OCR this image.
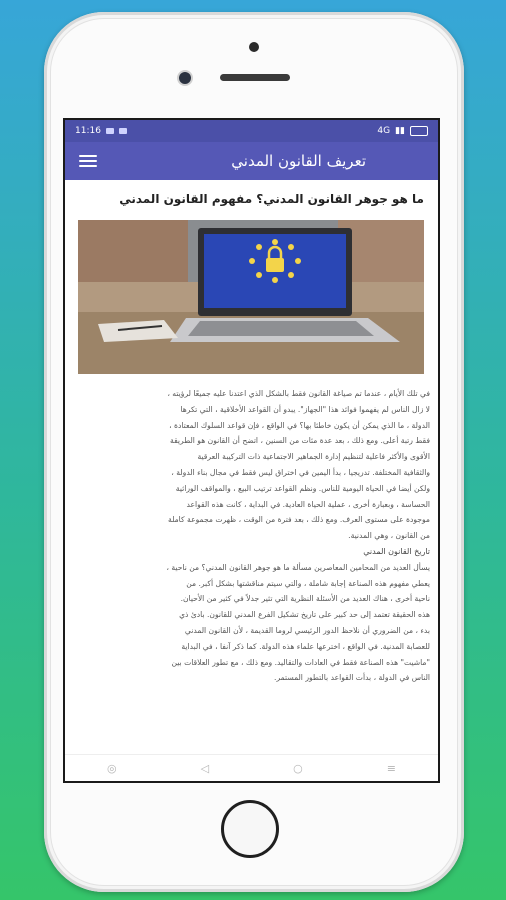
11:16	4G ▮▮
تعريف القانون المدني
ما هو جوهر القانون المدني؟ مفهوم القانون المدني

في تلك الأيام ، عندما تم صياغة القانون فقط بالشكل الذي اعتدنا عليه جميعًا لرؤيته ،

لا زال الناس لم يفهموا فوائد هذا "الجهاز". يبدو أن القواعد الأخلاقية ، التي تكرها

الدولة ، ما الذي يمكن أن يكون خاطئا بها؟ في الواقع ، فإن قواعد السلوك المعتادة ،

فقط رتبة أعلى. ومع ذلك ، بعد عدة مئات من السنين ، اتضح أن القانون هو الطريقة

الأقوى والأكثر فاعلية لتنظيم إدارة الجماهير الاجتماعية ذات التركيبة العرقية

والثقافية المختلفة. تدريجيا ، بدأ اليمين في اختراق ليس فقط في مجال بناء الدولة ،

ولكن أيضا في الحياة اليومية للناس. ونظم القواعد ترتيب البيع ، والمواقف الوراثية

الحساسة ، وبعبارة أخرى ، عملية الحياة العادية. في البداية ، كانت هذه القواعد

موجودة على مستوى العرف. ومع ذلك ، بعد فترة من الوقت ، ظهرت مجموعة كاملة

من القانون ، وهي المدنية.

تاريخ القانون المدني

يسأل العديد من المحامين المعاصرين مسألة ما هو جوهر القانون المدني؟ من ناحية ،

يعطي مفهوم هذه الصناعة إجابة شاملة ، والتي سيتم مناقشتها بشكل أكبر. من

ناحية أخرى ، هناك العديد من الأسئلة النظرية التي تثير جدلاً في كثير من الأحيان.

هذه الحقيقة تعتمد إلى حد كبير على تاريخ تشكيل الفرع المدني للقانون. بادئ ذي

بدء ، من الضروري أن نلاحظ الدور الرئيسي لروما القديمة ، لأن القانون المدني

للعصابة المدنية. في الواقع ، اخترعها علماء هذه الدولة. كما ذكر آنفا ، في البداية

"ماشيت" هذه الصناعة فقط في العادات والتقاليد. ومع ذلك ، مع تطور العلاقات بين

الناس في الدولة ، بدأت القواعد بالتطور المستمر.

◎	◁	○	≡
